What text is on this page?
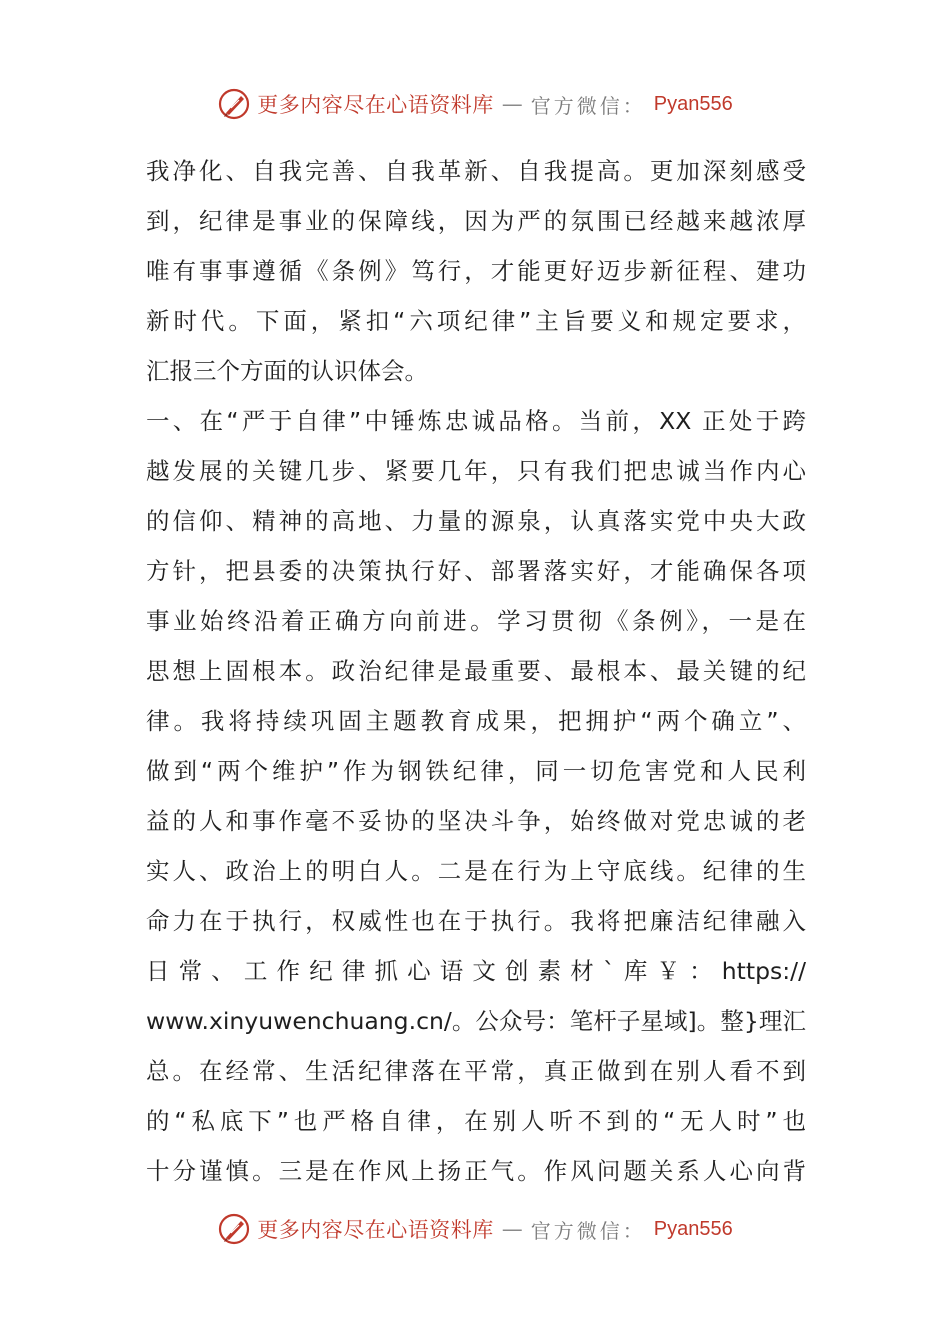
更多内容尽在心语资料库 — 官方微信： Pyan556
我净化、自我完善、自我革新、自我提高。更加深刻感受
到，纪律是事业的保障线，因为严的氛围已经越来越浓厚
唯有事事遵循《条例》笃行，才能更好迈步新征程、建功
新时代。下面，紧扣“六项纪律”主旨要义和规定要求，
汇报三个方面的认识体会。
一、在“严于自律”中锤炼忠诚品格。当前，XX 正处于跨
越发展的关键几步、紧要几年，只有我们把忠诚当作内心
的信仰、精神的高地、力量的源泉，认真落实党中央大政
方针，把县委的决策执行好、部署落实好，才能确保各项
事业始终沿着正确方向前进。学习贯彻《条例》，一是在
思想上固根本。政治纪律是最重要、最根本、最关键的纪
律。我将持续巩固主题教育成果，把拥护“两个确立”、
做到“两个维护”作为钢铁纪律，同一切危害党和人民利
益的人和事作毫不妥协的坚决斗争，始终做对党忠诚的老
实人、政治上的明白人。二是在行为上守底线。纪律的生
命力在于执行，权威性也在于执行。我将把廉洁纪律融入
日常、工作纪律抓心语文创素材`库￥：https://
www.xinyuwenchuang.cn/。公众号：笔杆子星域]。整}理汇
总。在经常、生活纪律落在平常，真正做到在别人看不到
的“私底下”也严格自律，在别人听不到的“无人时”也
十分谨慎。三是在作风上扬正气。作风问题关系人心向背
更多内容尽在心语资料库 — 官方微信： Pyan556
